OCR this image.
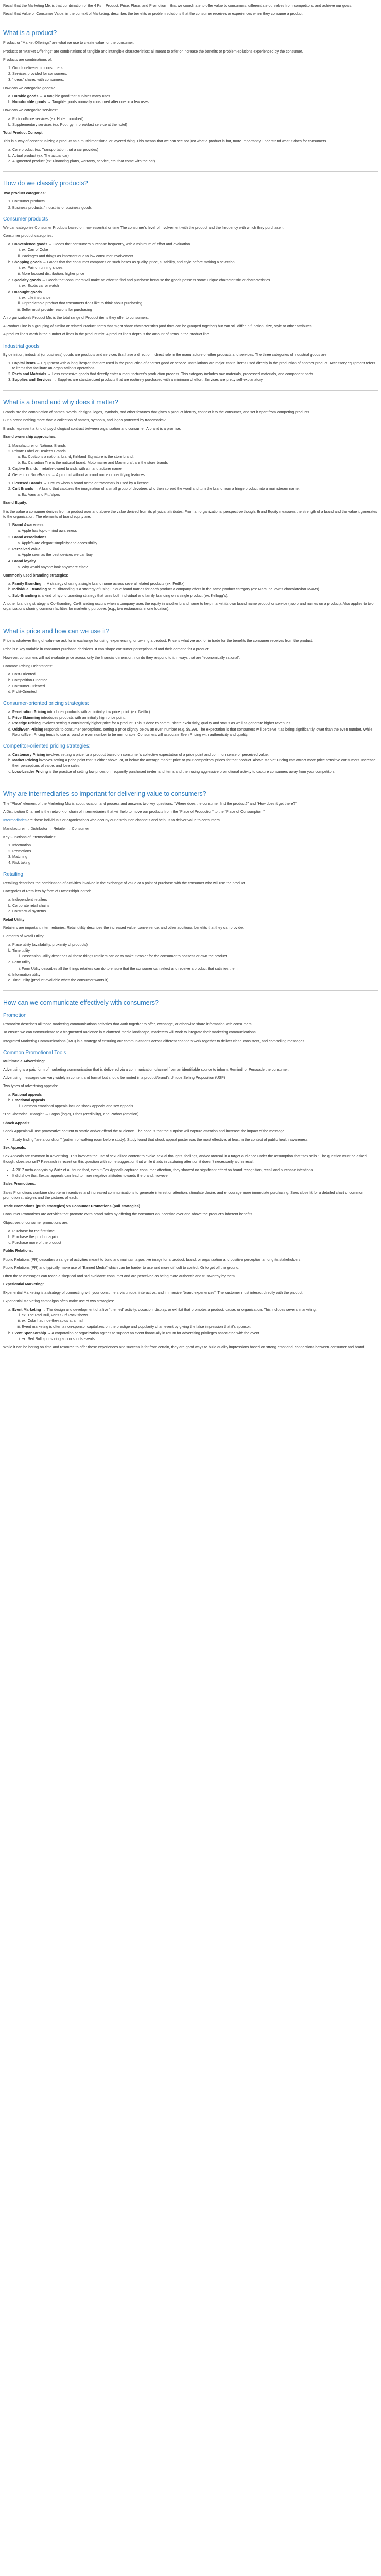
Recall that the Marketing Mix is that combination of the 4 Ps – Product, Price, Place, and Promotion – that we coordinate to offer value to consumers, differentiate ourselves from competitors, and achieve our goals.

Recall that Value or Consumer Value, in the context of Marketing, describes the benefits or problem solutions that the consumer receives or experiences when they consume a product.

What is a product?

Product or “Market Offerings” are what we use to create value for the consumer.

Products or “Market Offerings” are combinations of tangible and intangible characteristics; all meant to offer or increase the benefits or problem-solutions experienced by the consumer.

Products are combinations of:

1. Goods delivered to consumers.
2. Services provided for consumers.
3. “Ideas” shared with consumers.

How can we categorize goods?

a. Durable goods → A tangible good that survives many uses.
b. Non-durable goods → Tangible goods normally consumed after one or a few uses.

How can we categorize services?

a. Protocol/core services (ex: Hotel room/bed)
b. Supplementary services (ex: Pool, gym, breakfast service at the hotel)

Total Product Concept

This is a way of conceptualizing a product as a multidimensional or layered thing. This means that we can see not just what a product is but, more importantly, understand what it does for consumers.

a. Core product (ex: Transportation that a car provides)
b. Actual product (ex: The actual car)
c. Augmented product (ex: Financing plans, warranty, service, etc. that come with the car)
How do we classify products?

Two product categories:

1. Consumer products
2. Business products / industrial or business goods
Consumer products

We can categorize Consumer Products based on how essential or time The consumer’s level of involvement with the product and the frequency with which they purchase it.

Consumer product categories:

a. Convenience goods → Goods that consumers purchase frequently, with a minimum of effort and evaluation.
i. ex: Can of Coke
ii. Packages and things as important due to low consumer involvement
b. Shopping goods → Goods that the consumer compares on such bases as quality, price, suitability, and style before making a selection.
i. ex: Pair of running shoes
ii. More focused distribution, higher price
c. Specialty goods → Goods that consumers will make an effort to find and purchase because the goods possess some unique characteristic or characteristics.
i. ex: Exotic car or watch
d. Unsought goods
i. ex: Life insurance
ii. Unpredictable product that consumers don’t like to think about purchasing
iii. Seller must provide reasons for purchasing

An organization’s Product Mix is the total range of Product items they offer to consumers.

A Product Line is a grouping of similar or related Product items that might share characteristics (and thus can be grouped together) but can still differ in function, size, style or other attributes.

A product line’s width is the number of lines in the product mix. A product line’s depth is the amount of items in the product line.

Industrial goods

By definition, industrial (or business) goods are products and services that have a direct or indirect role in the manufacture of other products and services. The three categories of industrial goods are:

1. Capital items → Equipment with a long lifespan that are used in the production of another good or service. Installations are major capital items used directly in the production of another product. Accessory equipment refers to items that facilitate an organization’s operations.
2. Parts and Materials → Less expensive goods that directly enter a manufacturer’s production process. This category includes raw materials, processed materials, and component parts.
3. Supplies and Services → Supplies are standardized products that are routinely purchased with a minimum of effort. Services are pretty self-explanatory.
What is a brand and why does it matter?

Brands are the combination of names, words, designs, logos, symbols, and other features that gives a product identity, connect it to the consumer, and set it apart from competing products.

But a brand nothing more than a collection of names, symbols, and logos protected by trademarks?

Brands represent a kind of psychological contract between organization and consumer. A brand is a promise.

Brand ownership approaches:

1. Manufacturer or National Brands
2. Private Label or Dealer’s Brands
a. Ex: Costco is a national brand, Kirkland Signature is the store brand.
b. Ex: Canadian Tire is the national brand, Motomaster and Mastercraft are the store brands
3. Captive Brands – retailer-owned brands with a manufacturer name
4. Generic or Non-Brands → A product without a brand name or identifying features
1. Licensed Brands → Occurs when a brand name or trademark is used by a license.
2. Cult Brands → A brand that captures the imagination of a small group of devotees who then spread the word and turn the brand from a fringe product into a mainstream name.
a. Ex: Vans and Pitt Vipes

Brand Equity:

It is the value a consumer derives from a product over and above the value derived from its physical attributes. From an organizational perspective though, Brand Equity measures the strength of a brand and the value it generates to the organization. The elements of brand equity are:

1. Brand Awareness
a. Apple has top-of-mind awareness
2. Brand associations
a. Apple’s are elegant simplicity and accessibility
3. Perceived value
a. Apple seen as the best devices we can buy
4. Brand loyalty
a. Why would anyone look anywhere else?

Commonly used branding strategies:

a. Family Branding → A strategy of using a single brand name across several related products (ex: FedEx).
b. Individual Branding or multibranding is a strategy of using unique brand names for each product a company offers in the same product category (ex: Mars Inc. owns chocolate/bar M&Ms).
c. Sub-Branding is a kind of hybrid branding strategy that uses both individual and family branding on a single product (ex: Kellogg’s).

Another branding strategy is Co-Branding. Co-Branding occurs when a company uses the equity in another brand name to help market its own brand name product or service (two brand names on a product). Also applies to two organizations sharing common facilities for marketing purposes (e.g., two restaurants in one location).

What is price and how can we use it?

Price is whatever thing of value we ask for in exchange for using, experiencing, or owning a product. Price is what we ask for in trade for the benefits the consumer receives from the product.

Price is a key variable in consumer purchase decisions. It can shape consumer perceptions of and their demand for a product.

However, consumers will not evaluate price across only the financial dimension, nor do they respond to it in ways that are “economically rational”.

Common Pricing Orientations:

a. Cost-Oriented
b. Competition-Oriented
c. Consumer-Oriented
d. Profit-Oriented
Consumer-oriented pricing strategies:
a. Penetration Pricing introduces products with an initially low price point. (ex: Netflix)
b. Price Skimming introduces products with an initially high price point.
c. Prestige Pricing involves setting a consistently higher price for a product. This is done to communicate exclusivity, quality and status as well as generate higher revenues.
d. Odd/Even Pricing responds to consumer perceptions, setting a price slightly below an even number (e.g. $9.99). The expectation is that consumers will perceive it as being significantly lower than the even number. While Round/Even Pricing tends to use a round or even number to be memorable. Consumers will associate Even Pricing with authenticity and quality.
Competitor-oriented pricing strategies:
a. Customary Pricing involves setting a price for a product based on consumer’s collective expectation of a price point and common sense of perceived value.
b. Market Pricing involves setting a price point that is either above, at, or below the average market price or your competitors’ prices for that product. Above Market Pricing can attract more price sensitive consumers. Increase their perceptions of value, and lose sales.
c. Loss-Leader Pricing is the practice of setting low prices on frequently purchased in-demand items and then using aggressive promotional activity to capture consumers away from your competitors.
Why are intermediaries so important for delivering value to consumers?

The “Place” element of the Marketing Mix is about location and process and answers two key questions: “Where does the consumer find the product?” and “How does it get there?”

A Distribution Channel is the network or chain of intermediaries that will help to move our products from the “Place of Production” to the “Place of Consumption.”

Intermediaries are those individuals or organizations who occupy our distribution channels and help us to deliver value to consumers.

Manufacturer → Distributor → Retailer → Consumer

Key Functions of Intermediaries:

1. Information
2. Promotions
3. Matching
4. Risk taking
Retailing

Retailing describes the combination of activities involved in the exchange of value at a point of purchase with the consumer who will use the product.

Categories of Retailers by form of Ownership/Control:

a. Independent retailers
b. Corporate retail chains
c. Contractual systems

Retail Utility

Retailers are important intermediaries. Retail utility describes the increased value, convenience, and other additional benefits that they can provide.

Elements of Retail Utility:

a. Place utility (availability, proximity of products)
b. Time utility
i. Possession Utility describes all those things retailers can do to make it easier for the consumer to possess or own the product.
c. Form utility
i. Form Utility describes all the things retailers can do to ensure that the consumer can select and receive a product that satisfies them.
d. Information utility
e. Time utility (product available when the consumer wants it)
How can we communicate effectively with consumers?
Promotion

Promotion describes all those marketing communications activities that work together to offer, exchange, or otherwise share information with consumers.

To ensure we can communicate to a fragmented audience in a cluttered media landscape, marketers will work to integrate their marketing communications.

Integrated Marketing Communications (IMC) is a strategy of ensuring our communications across different channels work together to deliver clear, consistent, and compelling messages.

Common Promotional Tools

Multimedia Advertising:

Advertising is a paid form of marketing communication that is delivered via a communication channel from an identifiable source to inform, Remind, or Persuade the consumer.

Advertising messages can vary widely in content and format but should be rooted in a product/brand’s Unique Selling Proposition (USP).

Two types of advertising appeals:

a. Rational appeals
b. Emotional appeals
i. Common emotional appeals include shock appeals and sex appeals

“The Rhetorical Triangle” → Logos (logic), Ethos (credibility), and Pathos (emotion).

Shock Appeals:

Shock Appeals will use provocative content to startle and/or offend the audience. The hope is that the surprise will capture attention and increase the impact of the message.

• Study finding "are a condition" (pattern of walking room before study). Study found that shock appeal poster was the most effective, at least in the context of public health awareness.

Sex Appeals:

Sex Appeals are common in advertising. This involves the use of sexualized content to evoke sexual thoughts, feelings, and/or arousal in a target audience under the assumption that “sex sells.” The question must be asked though, does sex sell? Research in recent on this question with some suggestion that while it aids in capturing attention it doesn’t necessarily aid in recall.

• A 2017 meta-analysis by Wirtz et al. found that, even if Sex Appeals captured consumer attention, they showed no significant effect on brand recognition, recall and purchase intentions.
• It did show that Sexual appeals can lead to more negative attitudes towards the brand, however.

Sales Promotions:

Sales Promotions combine short-term incentives and increased communications to generate interest or attention, stimulate desire, and encourage more immediate purchasing. Sees close fit for a detailed chart of common promotion strategies and the pictures of each.

Trade Promotions (push strategies) vs Consumer Promotions (pull strategies)

Consumer Promotions are activities that promote extra brand sales by offering the consumer an incentive over and above the product’s inherent benefits.

Objectives of consumer promotions are:

a. Purchase for the first time
b. Purchase the product again
c. Purchase more of the product

Public Relations:

Public Relations (PR) describes a range of activities meant to build and maintain a positive image for a product, brand, or organization and positive perception among its stakeholders.

Public Relations (PR) and typically make use of “Earned Media” which can be harder to use and more difficult to control. Or to get off the ground.

Often these messages can reach a skeptical and “ad avoidant” consumer and are perceived as being more authentic and trustworthy by them.

Experiential Marketing:

Experiential Marketing is a strategy of connecting with your consumers via unique, interactive, and immersive “brand experiences”. The customer must interact directly with the product.

Experiential Marketing campaigns often make use of two strategies:

a. Event Marketing → The design and development of a live “themed” activity, occasion, display, or exhibit that promotes a product, cause, or organization. This includes several marketing:
i. ex: The Rad Bull, Vans Surf Rock shows
ii. ex: Coke had ride-the-rapids at a mall
iii. Event marketing is often a non-sponsor capitalizes on the prestige and popularity of an event by giving the false impression that it’s sponsor.
b. Event Sponsorship → A corporation or organization agrees to support an event financially in return for advertising privileges associated with the event.
i. ex: Red Bull sponsoring action sports events

While it can be boring on time and resource to offer these experiences and success is far from certain, they are good ways to build quality impressions based on strong emotional connections between consumer and brand.
